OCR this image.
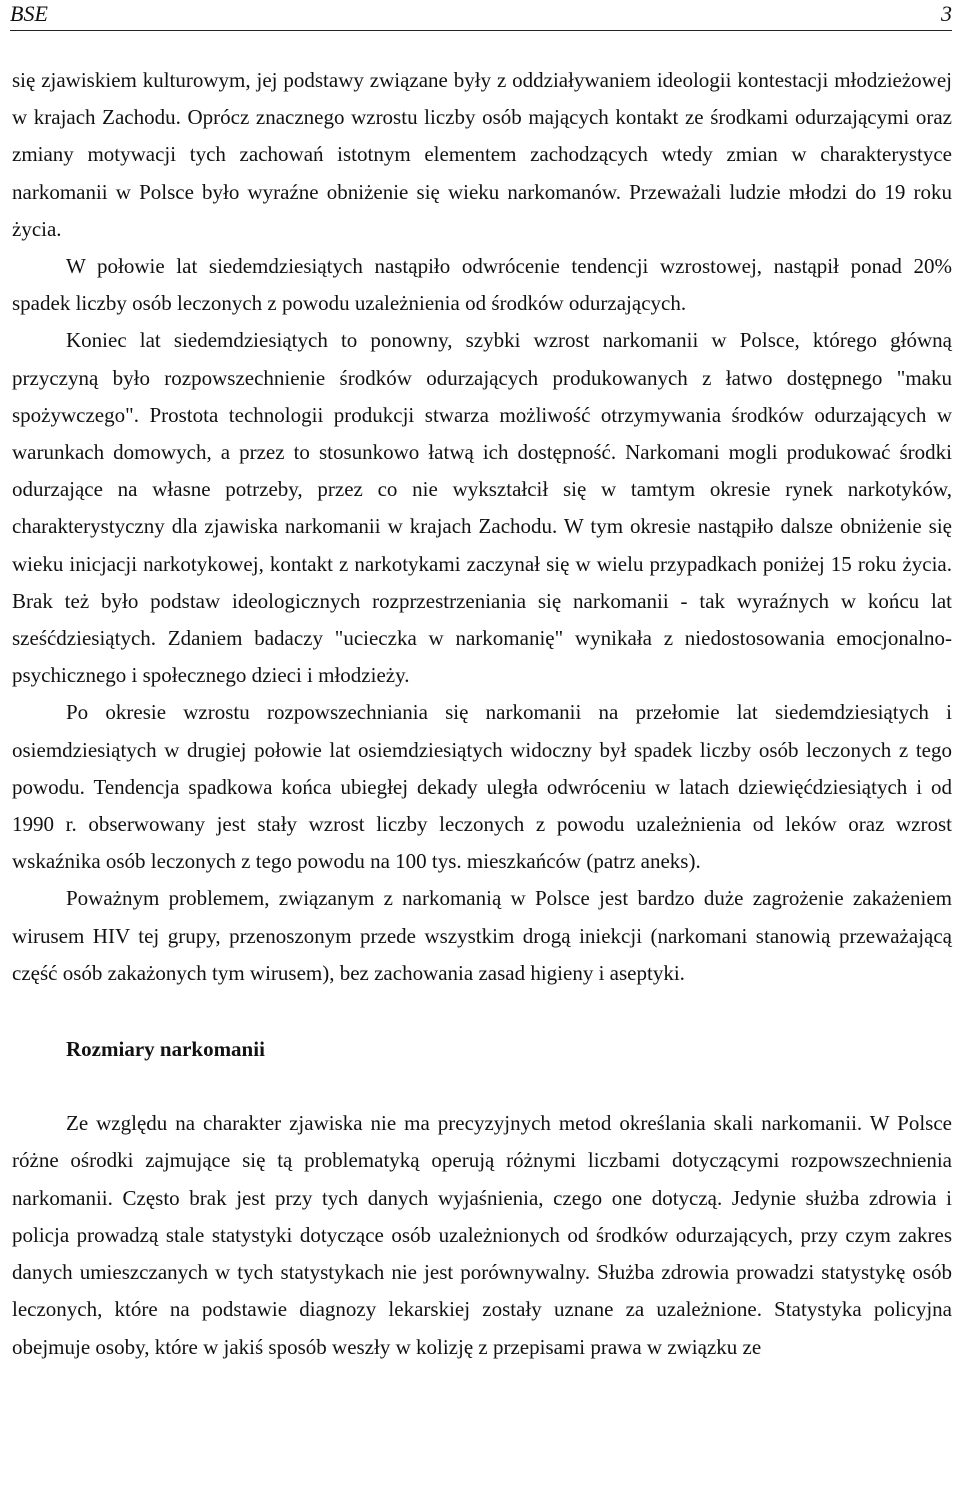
BSE	3

się zjawiskiem kulturowym, jej podstawy związane były z oddziaływaniem ideologii kontestacji młodzieżowej w krajach Zachodu. Oprócz znacznego wzrostu liczby osób mających kontakt ze środkami odurzającymi oraz zmiany motywacji tych zachowań istotnym elementem zachodzących wtedy zmian w charakterystyce narkomanii w Polsce było wyraźne obniżenie się wieku narkomanów. Przeważali ludzie młodzi do 19 roku życia.

W połowie lat siedemdziesiątych nastąpiło odwrócenie tendencji wzrostowej, nastąpił ponad 20% spadek liczby osób leczonych z powodu uzależnienia od środków odurzających.

Koniec lat siedemdziesiątych to ponowny, szybki wzrost narkomanii w Polsce, którego główną przyczyną było rozpowszechnienie środków odurzających produkowanych z łatwo dostępnego "maku spożywczego". Prostota technologii produkcji stwarza możliwość otrzymywania środków odurzających w warunkach domowych, a przez to stosunkowo łatwą ich dostępność. Narkomani mogli produkować środki odurzające na własne potrzeby, przez co nie wykształcił się w tamtym okresie rynek narkotyków, charakterystyczny dla zjawiska narkomanii w krajach Zachodu. W tym okresie nastąpiło dalsze obniżenie się wieku inicjacji narkotykowej, kontakt z narkotykami zaczynał się w wielu przypadkach poniżej 15 roku życia. Brak też było podstaw ideologicznych rozprzestrzeniania się narkomanii - tak wyraźnych w końcu lat sześćdziesiątych. Zdaniem badaczy "ucieczka w narkomanię" wynikała z niedostosowania emocjonalno-psychicznego i społecznego dzieci i młodzieży.

Po okresie wzrostu rozpowszechniania się narkomanii na przełomie lat siedemdziesiątych i osiemdziesiątych w drugiej połowie lat osiemdziesiątych widoczny był spadek liczby osób leczonych z tego powodu. Tendencja spadkowa końca ubiegłej dekady uległa odwróceniu w latach dziewięćdziesiątych i od 1990 r. obserwowany jest stały wzrost liczby leczonych z powodu uzależnienia od leków oraz wzrost wskaźnika osób leczonych z tego powodu na 100 tys. mieszkańców (patrz aneks).

Poważnym problemem, związanym z narkomanią w Polsce jest bardzo duże zagrożenie zakażeniem wirusem HIV tej grupy, przenoszonym przede wszystkim drogą iniekcji (narkomani stanowią przeważającą część osób zakażonych tym wirusem), bez zachowania zasad higieny i aseptyki.

Rozmiary narkomanii

Ze względu na charakter zjawiska nie ma precyzyjnych metod określania skali narkomanii. W Polsce różne ośrodki zajmujące się tą problematyką operują różnymi liczbami dotyczącymi rozpowszechnienia narkomanii. Często brak jest przy tych danych wyjaśnienia, czego one dotyczą. Jedynie służba zdrowia i policja prowadzą stale statystyki dotyczące osób uzależnionych od środków odurzających, przy czym zakres danych umieszczanych w tych statystykach nie jest porównywalny. Służba zdrowia prowadzi statystykę osób leczonych, które na podstawie diagnozy lekarskiej zostały uznane za uzależnione. Statystyka policyjna obejmuje osoby, które w jakiś sposób weszły w kolizję z przepisami prawa w związku ze
